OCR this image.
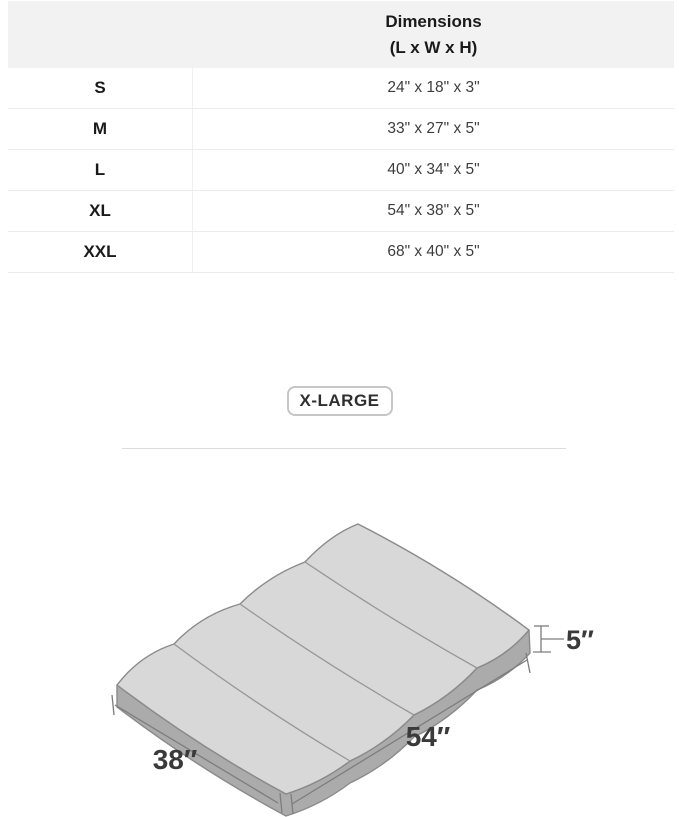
Dimensions
(L x W x H)
S	24" x 18" x 3"
M	33" x 27" x 5"
L	40" x 34" x 5"
XL	54" x 38" x 5"
XXL	68" x 40" x 5"
X-LARGE
38″
54″
5″
